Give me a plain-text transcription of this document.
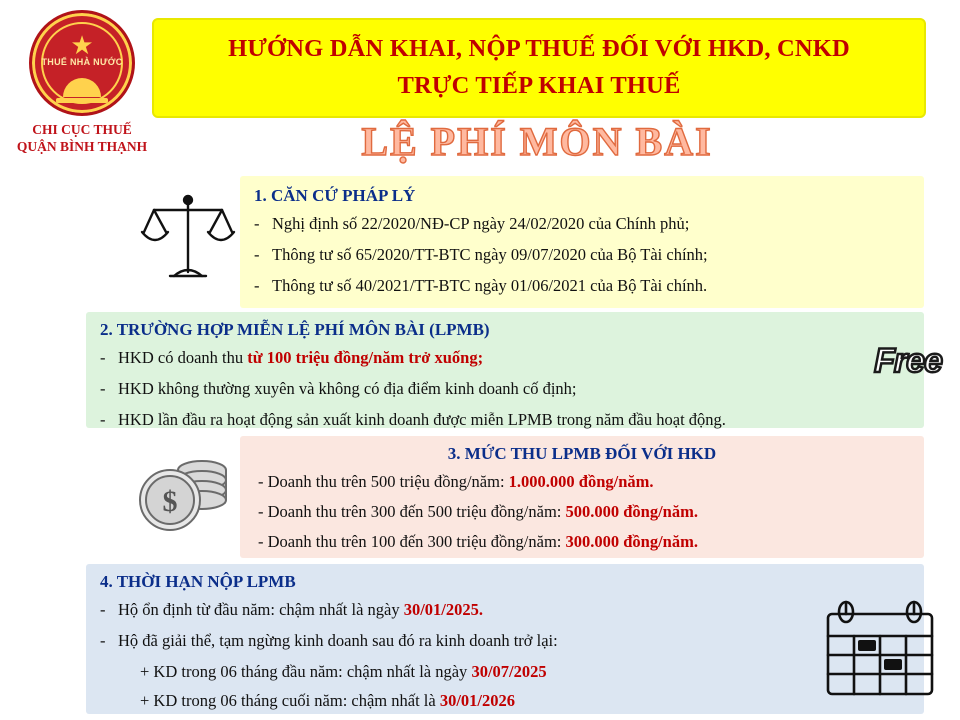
★
THUẾ NHÀ NƯỚC
CHI CỤC THUẾ
QUẬN BÌNH THẠNH
HƯỚNG DẪN KHAI, NỘP THUẾ ĐỐI VỚI HKD, CNKD
TRỰC TIẾP KHAI THUẾ
LỆ PHÍ MÔN BÀI
1. CĂN CỨ PHÁP LÝ
- Nghị định số 22/2020/NĐ-CP ngày 24/02/2020 của Chính phủ;
- Thông tư số 65/2020/TT-BTC ngày 09/07/2020 của Bộ Tài chính;
- Thông tư số 40/2021/TT-BTC ngày 01/06/2021 của Bộ Tài chính.
2. TRƯỜNG HỢP MIỄN LỆ PHÍ MÔN BÀI (LPMB)
- HKD có doanh thu từ 100 triệu đồng/năm trở xuống;
- HKD không thường xuyên và không có địa điểm kinh doanh cố định;
- HKD lần đầu ra hoạt động sản xuất kinh doanh được miễn LPMB trong năm đầu hoạt động.
Free
$
3. MỨC THU LPMB ĐỐI VỚI HKD
- Doanh thu trên 500 triệu đồng/năm: 1.000.000 đồng/năm.
- Doanh thu trên 300 đến 500 triệu đồng/năm: 500.000 đồng/năm.
- Doanh thu trên 100 đến 300 triệu đồng/năm: 300.000 đồng/năm.
4. THỜI HẠN NỘP LPMB
- Hộ ổn định từ đầu năm: chậm nhất là ngày 30/01/2025.
- Hộ đã giải thể, tạm ngừng kinh doanh sau đó ra kinh doanh trở lại:
+ KD trong 06 tháng đầu năm: chậm nhất là ngày 30/07/2025
+ KD trong 06 tháng cuối năm: chậm nhất là 30/01/2026
